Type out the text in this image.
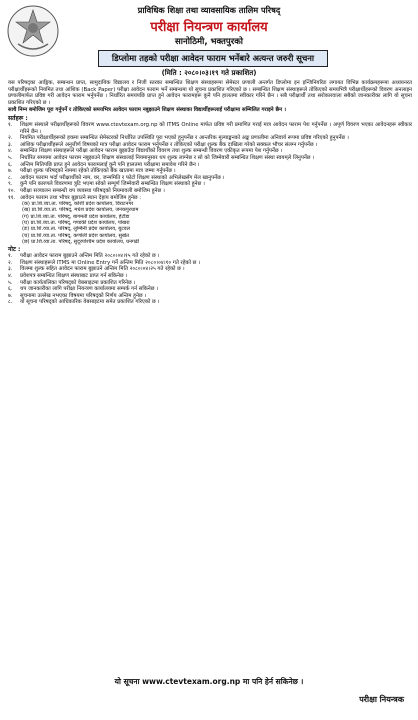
प्राविधिक शिक्षा तथा व्यावसायिक तालिम परिषद्
परीक्षा नियन्त्रण कार्यालय
सानोठिमी, भक्तपुरको
डिप्लोमा तहको परीक्षा आवेदन फाराम भर्नेबारे अत्यन्त जरुरी सूचना
(मिति : २०८०।०३।१९ गते प्रकाशित)

यस परिषद्का आङ्गिक, सम्बन्धन प्राप्त, सामुदायिक विद्यालय र निजी स्तरका सम्बन्धित शिक्षण संस्थाहरूमा सेमेस्टर प्रणाली अन्तर्गत डिप्लोमा इन इन्जिनियरिङ लगायत विभिन्न कार्यक्रमहरूमा अध्ययनरत परीक्षार्थीहरूको नियमित तथा आंशिक (Back Paper) परीक्षा आवेदन फाराम भर्ने सम्बन्धमा यो सूचना प्रकाशित गरिएको छ । सम्बन्धित शिक्षण संस्थाहरूले तोकिएको समयभित्रै परीक्षार्थीहरूको विवरण अनलाइन प्रणालीमार्फत प्रविष्ट गरी आवेदन फाराम भर्नुपर्नेछ । निर्धारित समयपछि प्राप्त हुने आवेदन फारामहरू कुनै पनि हालतमा स्वीकार गरिने छैन । सबै परीक्षार्थी तथा सरोकारवाला सबैको जानकारीका लागि यो सूचना प्रकाशित गरिएको छ ।

साथै निम्न बमोजिम पूरा गर्नुपर्ने र तोकिएको समयभित्र आवेदन फाराम नबुझाउने शिक्षण संस्थाका विद्यार्थीहरूलाई परीक्षामा सम्मिलित गराइने छैन ।

सर्तहरू :

१.	शिक्षण संस्थाले परीक्षार्थीहरूको विवरण www.ctevtexam.org.np को ITMS Online मार्फत प्रविष्ट गरी प्रमाणित गराई मात्र आवेदन फाराम पेश गर्नुपर्नेछ । अपूर्ण विवरण भएका आवेदनहरू स्वीकार गरिने छैन ।
२.	नियमित परीक्षार्थीहरूको हकमा सम्बन्धित सेमेस्टरको निर्धारित उपस्थिति पूरा भएको हुनुपर्नेछ र आन्तरिक मूल्याङ्कनको अङ्क प्रणालीमा अनिवार्य रूपमा प्रविष्ट गरिएको हुनुपर्नेछ ।
३.	आंशिक परीक्षार्थीहरूले अनुत्तीर्ण विषयको मात्र परीक्षा आवेदन फाराम भर्नुपर्नेछ र तोकिएको परीक्षा शुल्क बैंक दाखिला गरेको सक्कल भौचर संलग्न गर्नुपर्नेछ ।
४.	सम्बन्धित शिक्षण संस्थाहरूले परीक्षा आवेदन फाराम बुझाउँदा विद्यार्थीको विवरण तथा शुल्क सम्बन्धी विवरण एकीकृत रूपमा पेश गर्नुपर्नेछ ।
५.	निर्धारित समयमा आवेदन फाराम नबुझाउने शिक्षण संस्थालाई नियमानुसार थप शुल्क लाग्नेछ र सो को जिम्मेवारी सम्बन्धित शिक्षण संस्था स्वयम्‌ले लिनुपर्नेछ ।
६.	अन्तिम मितिपछि प्राप्त हुने आवेदन फारामलाई कुनै पनि हालतमा परीक्षामा समावेश गरिने छैन ।
७.	परीक्षा शुल्क परिषद्को नाममा रहेको तोकिएको बैंक खातामा मात्र जम्मा गर्नुपर्नेछ ।
८.	आवेदन फाराम भर्दा परीक्षार्थीको नाम, थर, जन्ममिति र फोटो शिक्षण संस्थाको अभिलेखसँग मेल खानुपर्नेछ ।
९.	कुनै पनि कारणले विवरणमा त्रुटि भएमा सोको सम्पूर्ण जिम्मेवारी सम्बन्धित शिक्षण संस्थाको हुनेछ ।
१०. परीक्षा सञ्चालन सम्बन्धी थप व्यवस्था परिषद्को नियमावली बमोजिम हुनेछ ।
११. आवेदन फाराम तथा भौचर बुझाउने स्थान देहाय बमोजिम हुनेछ :
(क) प्रा.शि.व्या.ता. परिषद्, कोशी प्रदेश कार्यालय, विराटनगर
(ख) प्रा.शि.व्या.ता. परिषद्, मधेश प्रदेश कार्यालय, जनकपुरधाम
(ग) प्रा.शि.व्या.ता. परिषद्, बागमती प्रदेश कार्यालय, हेटौंडा
(घ) प्रा.शि.व्या.ता. परिषद्, गण्डकी प्रदेश कार्यालय, पोखरा
(ङ) प्रा.शि.व्या.ता. परिषद्, लुम्बिनी प्रदेश कार्यालय, बुटवल
(च) प्रा.शि.व्या.ता. परिषद्, कर्णाली प्रदेश कार्यालय, सुर्खेत
(छ) प्रा.शि.व्या.ता. परिषद्, सुदूरपश्चिम प्रदेश कार्यालय, धनगढी

नोट :

१.	परीक्षा आवेदन फाराम बुझाउने अन्तिम मिति २०८०।०४।१५ गते रहेको छ ।
२.	शिक्षण संस्थाहरूले ITMS मा Online Entry गर्ने अन्तिम मिति २०८०।०४।१० गते रहेको छ ।
३.	विलम्ब शुल्क सहित आवेदन फाराम बुझाउने अन्तिम मिति २०८०।०४।२५ गते रहेको छ ।
४.	प्रवेशपत्र सम्बन्धित शिक्षण संस्थाबाट प्राप्त गर्न सकिनेछ ।
५.	परीक्षा कार्यतालिका परिषद्को वेबसाइटमा प्रकाशित गरिनेछ ।
६.	थप जानकारीका लागि परीक्षा नियन्त्रण कार्यालयमा सम्पर्क गर्न सकिनेछ ।
७.	सूचनामा उल्लेख नभएका विषयमा परिषद्को निर्णय अन्तिम हुनेछ ।
८.	यो सूचना परिषद्को आधिकारिक वेबसाइटमा समेत प्रकाशित गरिएको छ ।
यो सूचना www.ctevtexam.org.np मा पनि हेर्न सकिनेछ ।
परीक्षा नियन्त्रक
